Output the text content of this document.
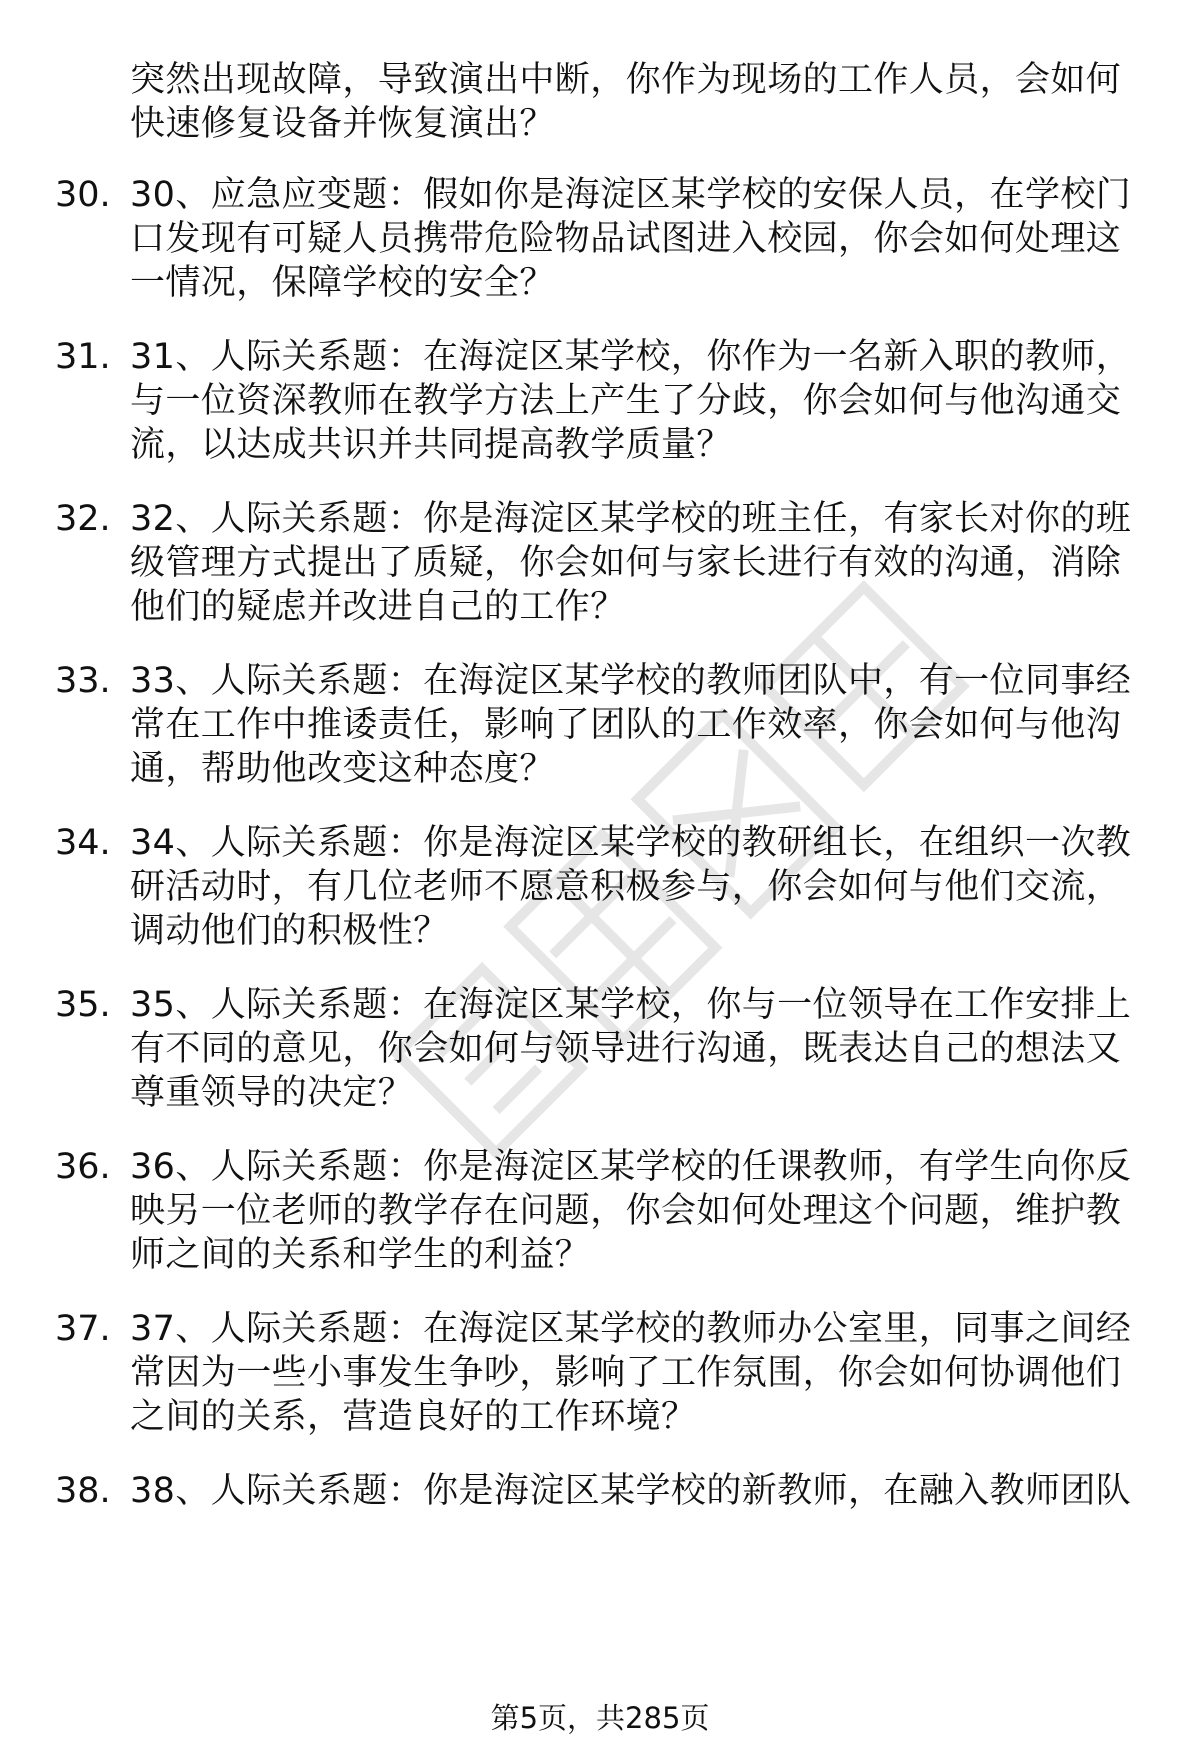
突然出现故障，导致演出中断，你作为现场的工作人员，会如何快速修复设备并恢复演出？
30. 30、应急应变题：假如你是海淀区某学校的安保人员，在学校门口发现有可疑人员携带危险物品试图进入校园，你会如何处理这一情况，保障学校的安全？
31. 31、人际关系题：在海淀区某学校，你作为一名新入职的教师，与一位资深教师在教学方法上产生了分歧，你会如何与他沟通交流，以达成共识并共同提高教学质量？
32. 32、人际关系题：你是海淀区某学校的班主任，有家长对你的班级管理方式提出了质疑，你会如何与家长进行有效的沟通，消除他们的疑虑并改进自己的工作？
33. 33、人际关系题：在海淀区某学校的教师团队中，有一位同事经常在工作中推诿责任，影响了团队的工作效率，你会如何与他沟通，帮助他改变这种态度？
34. 34、人际关系题：你是海淀区某学校的教研组长，在组织一次教研活动时，有几位老师不愿意积极参与，你会如何与他们交流，调动他们的积极性？
35. 35、人际关系题：在海淀区某学校，你与一位领导在工作安排上有不同的意见，你会如何与领导进行沟通，既表达自己的想法又尊重领导的决定？
36. 36、人际关系题：你是海淀区某学校的任课教师，有学生向你反映另一位老师的教学存在问题，你会如何处理这个问题，维护教师之间的关系和学生的利益？
37. 37、人际关系题：在海淀区某学校的教师办公室里，同事之间经常因为一些小事发生争吵，影响了工作氛围，你会如何协调他们之间的关系，营造良好的工作环境？
38. 38、人际关系题：你是海淀区某学校的新教师，在融入教师团队
第5页，共285页
